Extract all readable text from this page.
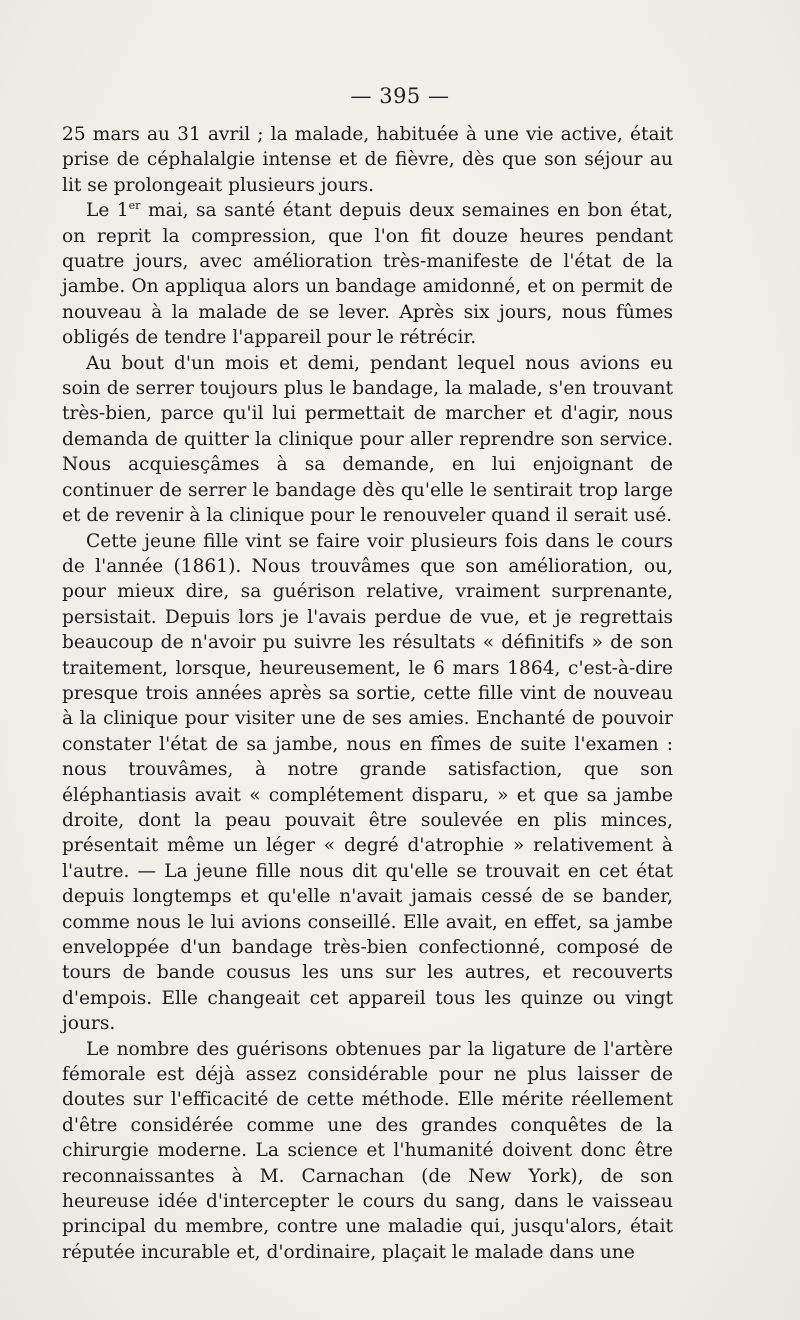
— 395 —

25 mars au 31 avril ; la malade, habituée à une vie active, était prise de céphalalgie intense et de fièvre, dès que son séjour au lit se prolongeait plusieurs jours.

Le 1er mai, sa santé étant depuis deux semaines en bon état, on reprit la compression, que l'on fit douze heures pendant quatre jours, avec amélioration très-manifeste de l'état de la jambe. On appliqua alors un bandage amidonné, et on permit de nouveau à la malade de se lever. Après six jours, nous fûmes obligés de tendre l'appareil pour le rétrécir.

Au bout d'un mois et demi, pendant lequel nous avions eu soin de serrer toujours plus le bandage, la malade, s'en trouvant très-bien, parce qu'il lui permettait de marcher et d'agir, nous demanda de quitter la clinique pour aller reprendre son service. Nous acquiesçâmes à sa demande, en lui enjoignant de continuer de serrer le bandage dès qu'elle le sentirait trop large et de revenir à la clinique pour le renouveler quand il serait usé.

Cette jeune fille vint se faire voir plusieurs fois dans le cours de l'année (1861). Nous trouvâmes que son amélioration, ou, pour mieux dire, sa guérison relative, vraiment surprenante, persistait. Depuis lors je l'avais perdue de vue, et je regrettais beaucoup de n'avoir pu suivre les résultats « définitifs » de son traitement, lorsque, heureusement, le 6 mars 1864, c'est-à-dire presque trois années après sa sortie, cette fille vint de nouveau à la clinique pour visiter une de ses amies. Enchanté de pouvoir constater l'état de sa jambe, nous en fîmes de suite l'examen : nous trouvâmes, à notre grande satisfaction, que son éléphantiasis avait « complétement disparu, » et que sa jambe droite, dont la peau pouvait être soulevée en plis minces, présentait même un léger « degré d'atrophie » relativement à l'autre. — La jeune fille nous dit qu'elle se trouvait en cet état depuis longtemps et qu'elle n'avait jamais cessé de se bander, comme nous le lui avions conseillé. Elle avait, en effet, sa jambe enveloppée d'un bandage très-bien confectionné, composé de tours de bande cousus les uns sur les autres, et recouverts d'empois. Elle changeait cet appareil tous les quinze ou vingt jours.

Le nombre des guérisons obtenues par la ligature de l'artère fémorale est déjà assez considérable pour ne plus laisser de doutes sur l'efficacité de cette méthode. Elle mérite réellement d'être considérée comme une des grandes conquêtes de la chirurgie moderne. La science et l'humanité doivent donc être reconnaissantes à M. Carnachan (de New York), de son heureuse idée d'intercepter le cours du sang, dans le vaisseau principal du membre, contre une maladie qui, jusqu'alors, était réputée incurable et, d'ordinaire, plaçait le malade dans une
